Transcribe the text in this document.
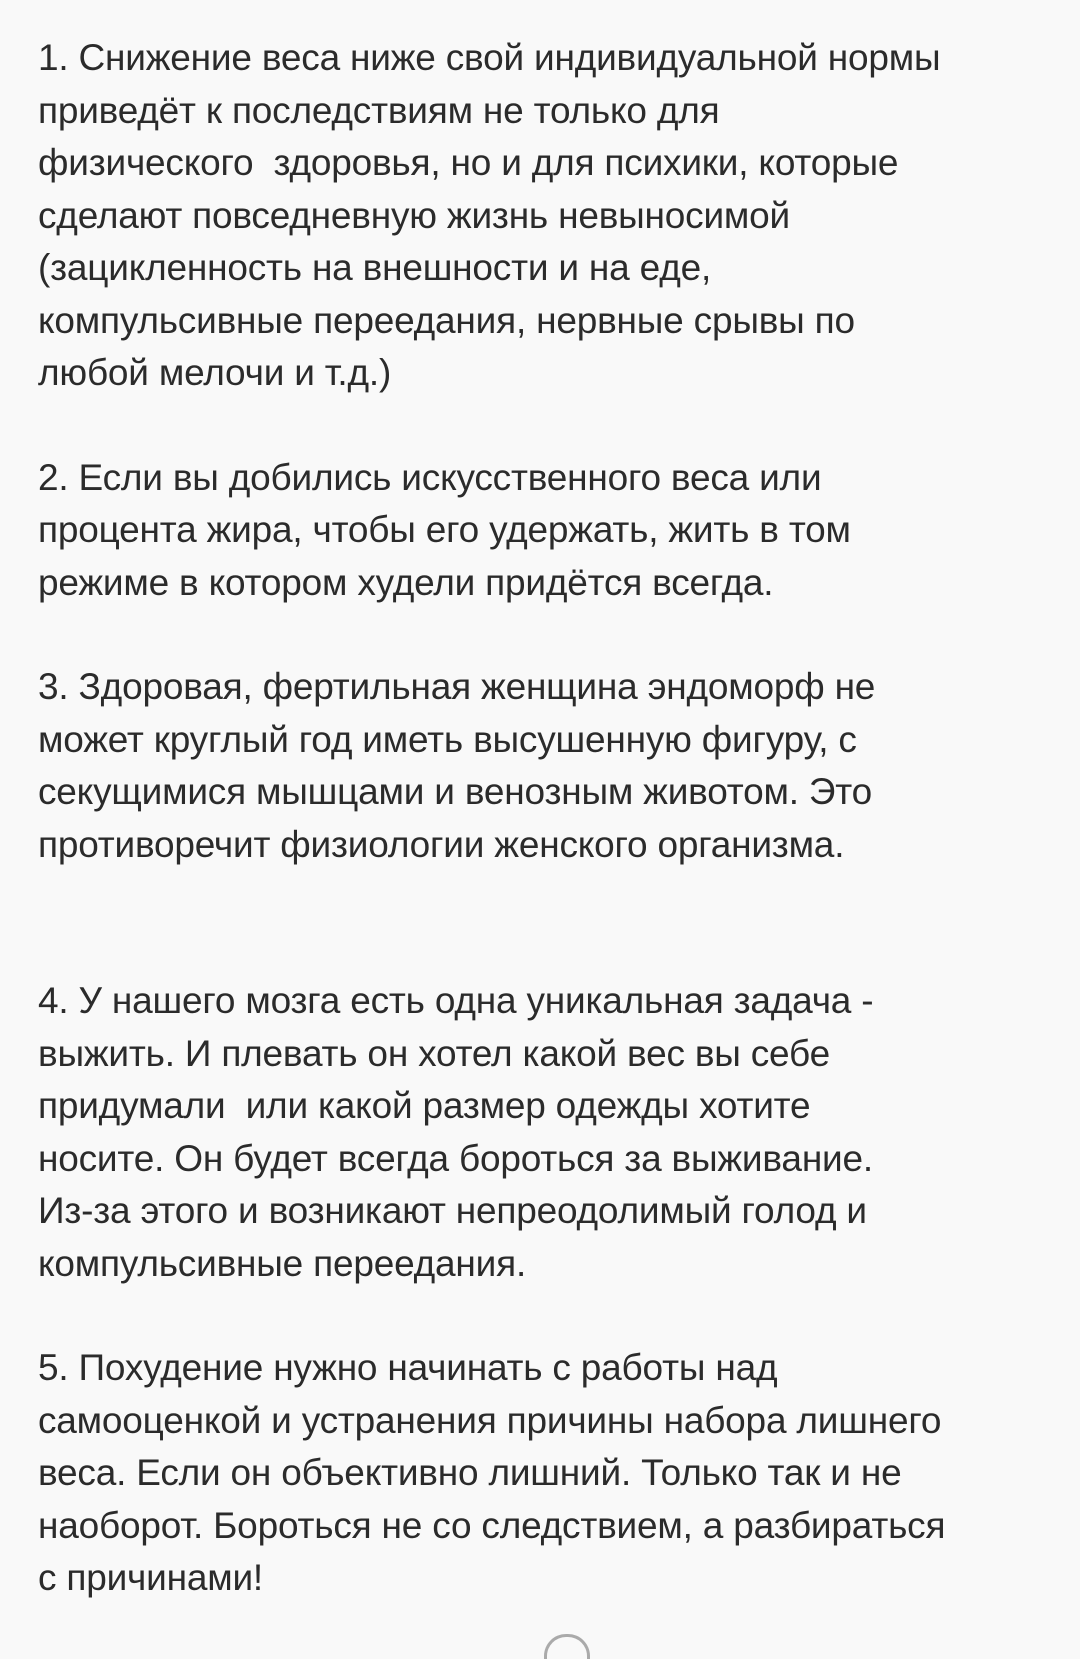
1. Снижение веса ниже свой индивидуальной нормы
приведёт к последствиям не только для
физического  здоровья, но и для психики, которые
сделают повседневную жизнь невыносимой
(зацикленность на внешности и на еде,
компульсивные переедания, нервные срывы по
любой мелочи и т.д.)

2. Если вы добились искусственного веса или
процента жира, чтобы его удержать, жить в том
режиме в котором худели придётся всегда.

3. Здоровая, фертильная женщина эндоморф не
может круглый год иметь высушенную фигуру, с
секущимися мышцами и венозным животом. Это
противоречит физиологии женского организма.

4. У нашего мозга есть одна уникальная задача -
выжить. И плевать он хотел какой вес вы себе
придумали  или какой размер одежды хотите
носите. Он будет всегда бороться за выживание.
Из-за этого и возникают непреодолимый голод и
компульсивные переедания.

5. Похудение нужно начинать с работы над
самооценкой и устранения причины набора лишнего
веса. Если он объективно лишний. Только так и не
наоборот. Бороться не со следствием, а разбираться
с причинами!
